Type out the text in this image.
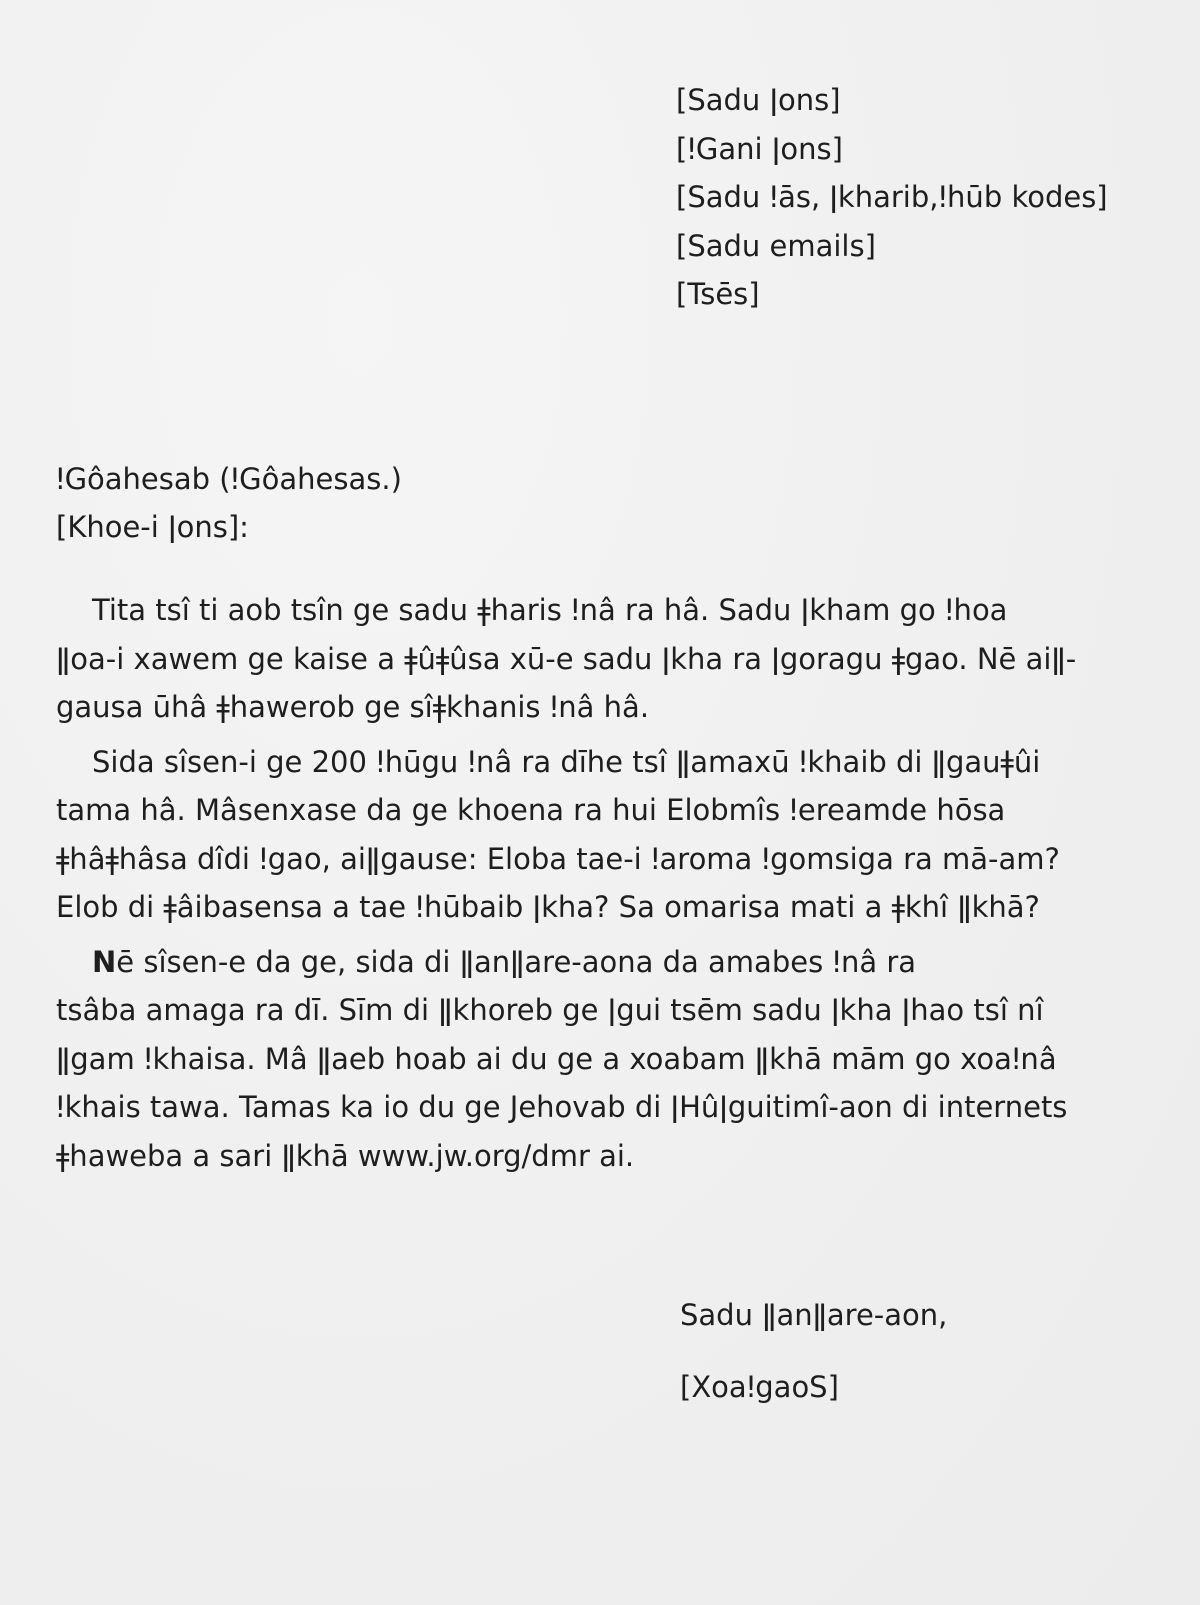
[Sadu ǀons]
[ǃGani ǀons]
[Sadu ǃās, ǀkharib,ǃhūb kodes]
[Sadu emails]
[Tsēs]
ǃGôahesab (ǃGôahesas.)
[Khoe-i ǀons]:

Tita tsî ti aob tsîn ge sadu ǂharis ǃnâ ra hâ. Sadu ǀkham go ǃhoa
ǁoa-i xawem ge kaise a ǂûǂûsa xū-e sadu ǀkha ra ǀgoragu ǂgao. Nē aiǁ-
gausa ūhâ ǂhawerob ge sîǂkhanis ǃnâ hâ.

Sida sîsen-i ge 200 ǃhūgu ǃnâ ra dīhe tsî ǁamaxū ǃkhaib di ǁgauǂûi
tama hâ. Mâsenxase da ge khoena ra hui Elobmîs ǃereamde hōsa
ǂhâǂhâsa dîdi ǃgao, aiǁgause: Eloba tae-i ǃaroma ǃgomsiga ra mā-am?
Elob di ǂâibasensa a tae ǃhūbaib ǀkha? Sa omarisa mati a ǂkhî ǁkhā?

Nē sîsen-e da ge, sida di ǁanǁare-aona da amabes ǃnâ ra
tsâba amaga ra dī. Sīm di ǁkhoreb ge ǀgui tsēm sadu ǀkha ǀhao tsî nî
ǁgam ǃkhaisa. Mâ ǁaeb hoab ai du ge a xoabam ǁkhā mām go xoaǃnâ
ǃkhais tawa. Tamas ka io du ge Jehovab di ǀHûǀguitimî-aon di internets
ǂhaweba a sari ǁkhā www.jw.org/dmr ai.

Sadu ǁanǁare-aon,
[XoaǃgaoS]
